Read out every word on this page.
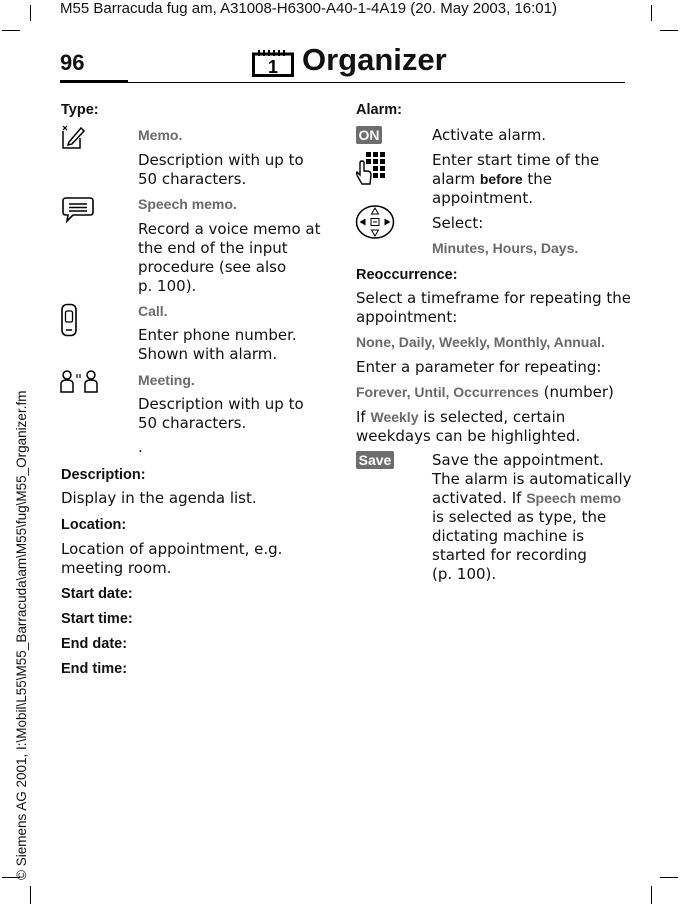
M55 Barracuda fug am, A31008-H6300-A40-1-4A19 (20. May 2003, 16:01)
96	1 Organizer
© Siemens AG 2001, I:\Mobil\L55\M55_Barracuda\am\M55\fug\M55_Organizer.fm
Type:
Memo.
Description with up to
50 characters.
Speech memo.
Record a voice memo at
the end of the input
procedure (see also
p. 100).
Call.
Enter phone number.
Shown with alarm.
Meeting.
Description with up to
50 characters.
.
Description:
Display in the agenda list.
Location:
Location of appointment, e.g.
meeting room.
Start date:
Start time:
End date:
End time:
Alarm:
ON	Activate alarm.
Enter start time of the
alarm before the
appointment.
Select:
Minutes, Hours, Days.
Reoccurrence:
Select a timeframe for repeating the
appointment:
None, Daily, Weekly, Monthly, Annual.
Enter a parameter for repeating:
Forever, Until, Occurrences (number)
If Weekly is selected, certain
weekdays can be highlighted.
Save	Save the appointment.
The alarm is automatically
activated. If Speech memo
is selected as type, the
dictating machine is
started for recording
(p. 100).
